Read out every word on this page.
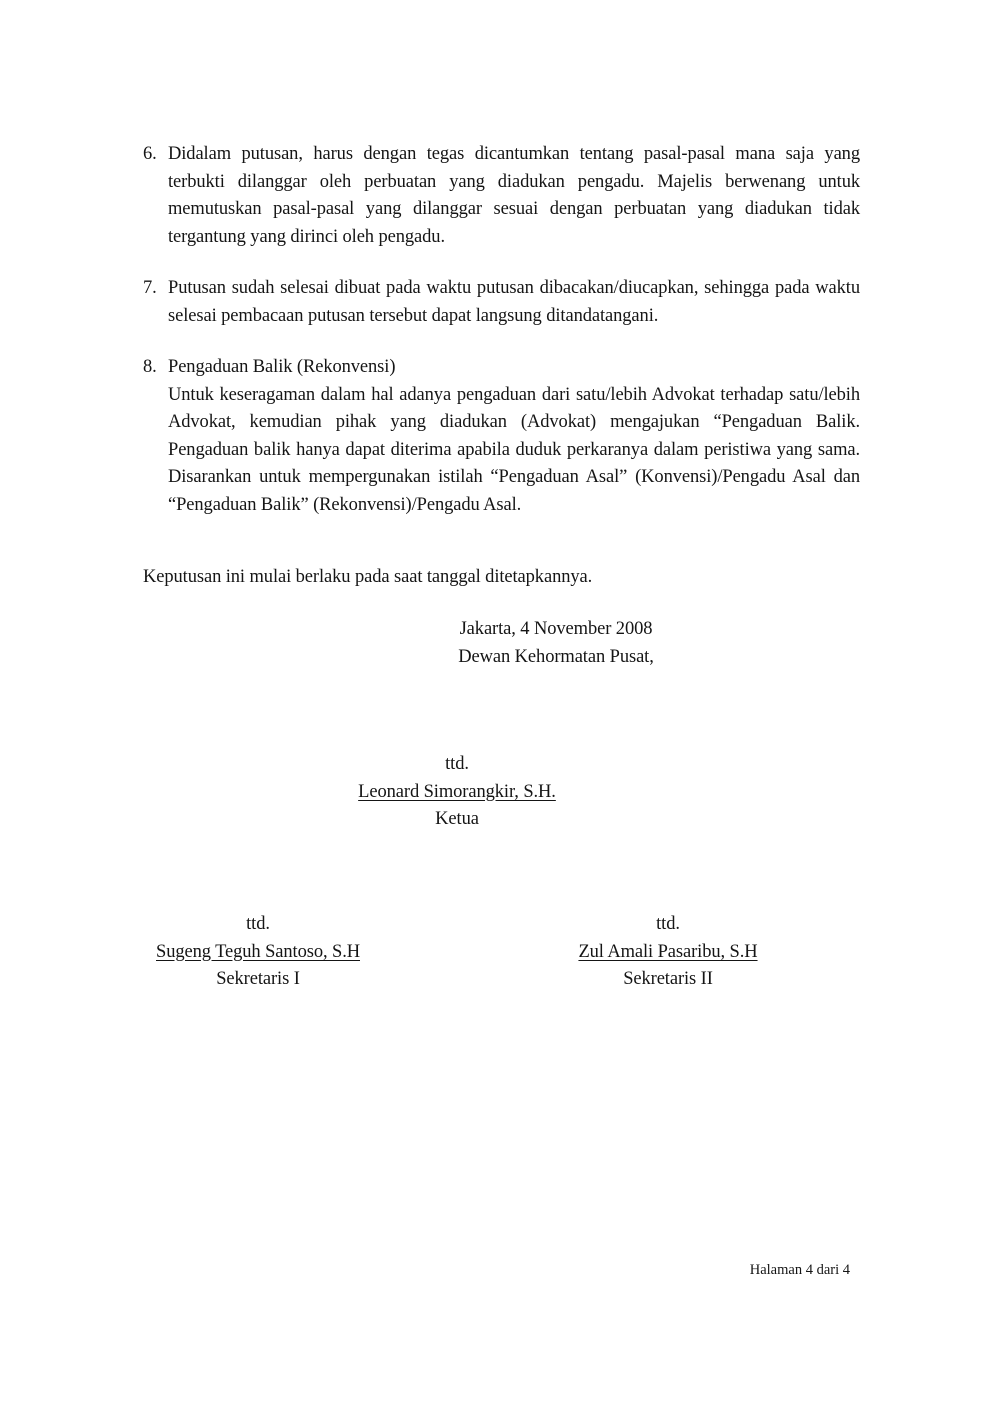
6. Didalam putusan, harus dengan tegas dicantumkan tentang pasal-pasal mana saja yang terbukti dilanggar oleh perbuatan yang diadukan pengadu. Majelis berwenang untuk memutuskan pasal-pasal yang dilanggar sesuai dengan perbuatan yang diadukan tidak tergantung yang dirinci oleh pengadu.
7. Putusan sudah selesai dibuat pada waktu putusan dibacakan/diucapkan, sehingga pada waktu selesai pembacaan putusan tersebut dapat langsung ditandatangani.
8. Pengaduan Balik (Rekonvensi)
Untuk keseragaman dalam hal adanya pengaduan dari satu/lebih Advokat terhadap satu/lebih Advokat, kemudian pihak yang diadukan (Advokat) mengajukan “Pengaduan Balik. Pengaduan balik hanya dapat diterima apabila duduk perkaranya dalam peristiwa yang sama. Disarankan untuk mempergunakan istilah “Pengaduan Asal” (Konvensi)/Pengadu Asal dan “Pengaduan Balik” (Rekonvensi)/Pengadu Asal.

Keputusan ini mulai berlaku pada saat tanggal ditetapkannya.

Jakarta, 4 November 2008
Dewan Kehormatan Pusat,
ttd.
Leonard Simorangkir, S.H.
Ketua
ttd.
Sugeng Teguh Santoso, S.H
Sekretaris I
ttd.
Zul Amali Pasaribu, S.H
Sekretaris II
Halaman 4 dari 4
